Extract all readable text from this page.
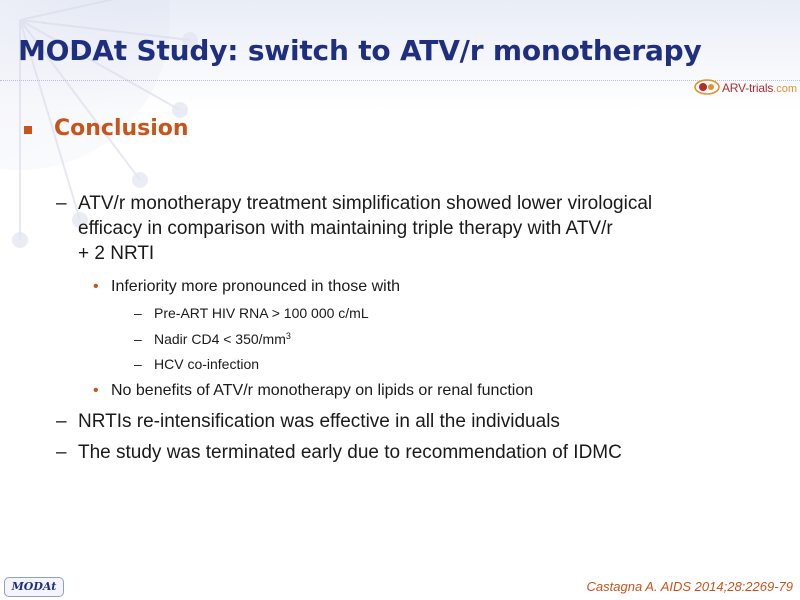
MODAt Study: switch to ATV/r monotherapy
ARV-trials.com
Conclusion
– ATV/r monotherapy treatment simplification showed lower virological
efficacy in comparison with maintaining triple therapy with ATV/r
+ 2 NRTI
• Inferiority more pronounced in those with
– Pre-ART HIV RNA > 100 000 c/mL
– Nadir $CD4 < 350/mm^3$
– HCV co-infection
• No benefits of ATV/r monotherapy on lipids or renal function
– NRTIs re-intensification was effective in all the individuals
– The study was terminated early due to recommendation of IDMC
MODAt	Castagna A. AIDS 2014;28:2269-79
